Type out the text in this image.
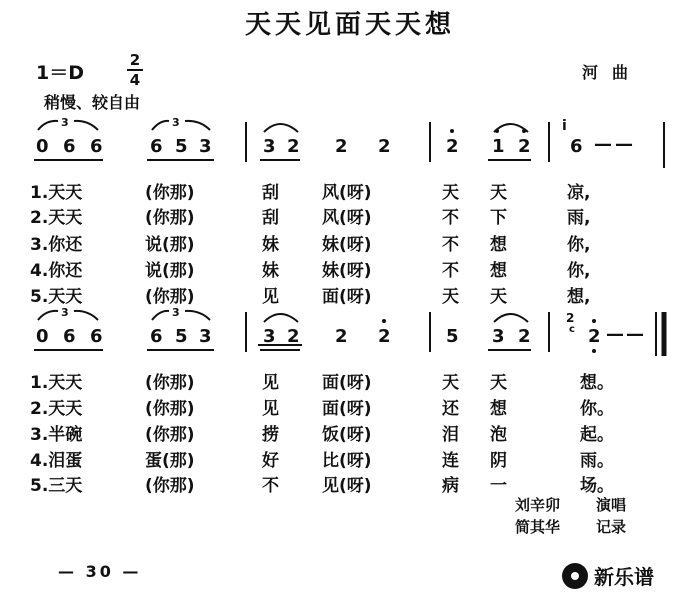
天天见面天天想
1＝D
2
4	河曲
稍慢、较自由
0 6 6	6 5 3	3 2 2 2	2 1 2 6 — —
3	3	i
1.天天	(你那)	刮	风(呀)	天 天	凉,
2.天天	(你那)	刮	风(呀)	不 下	雨,
3.你还	说(那)	妹	妹(呀)	不 想	你,
4.你还	说(那)	妹	妹(呀)	不 想	你,
5.天天	(你那)	见	面(呀)	天 天	想,
0 6 6	6 5 3	3 2 2 2	5 3 2	2 — —
3	3	2
c
1.天天	(你那)	见	面(呀)	天 天	想。
2.天天	(你那)	见	面(呀)	还 想	你。
3.半碗	(你那)	捞	饭(呀)	泪 泡	起。
4.泪蛋	蛋(那)	好	比(呀)	连 阴	雨。
5.三天	(你那)	不	见(呀)	病 一	场。
刘辛卯 演唱
简其华 记录
— 30 —	新乐谱
